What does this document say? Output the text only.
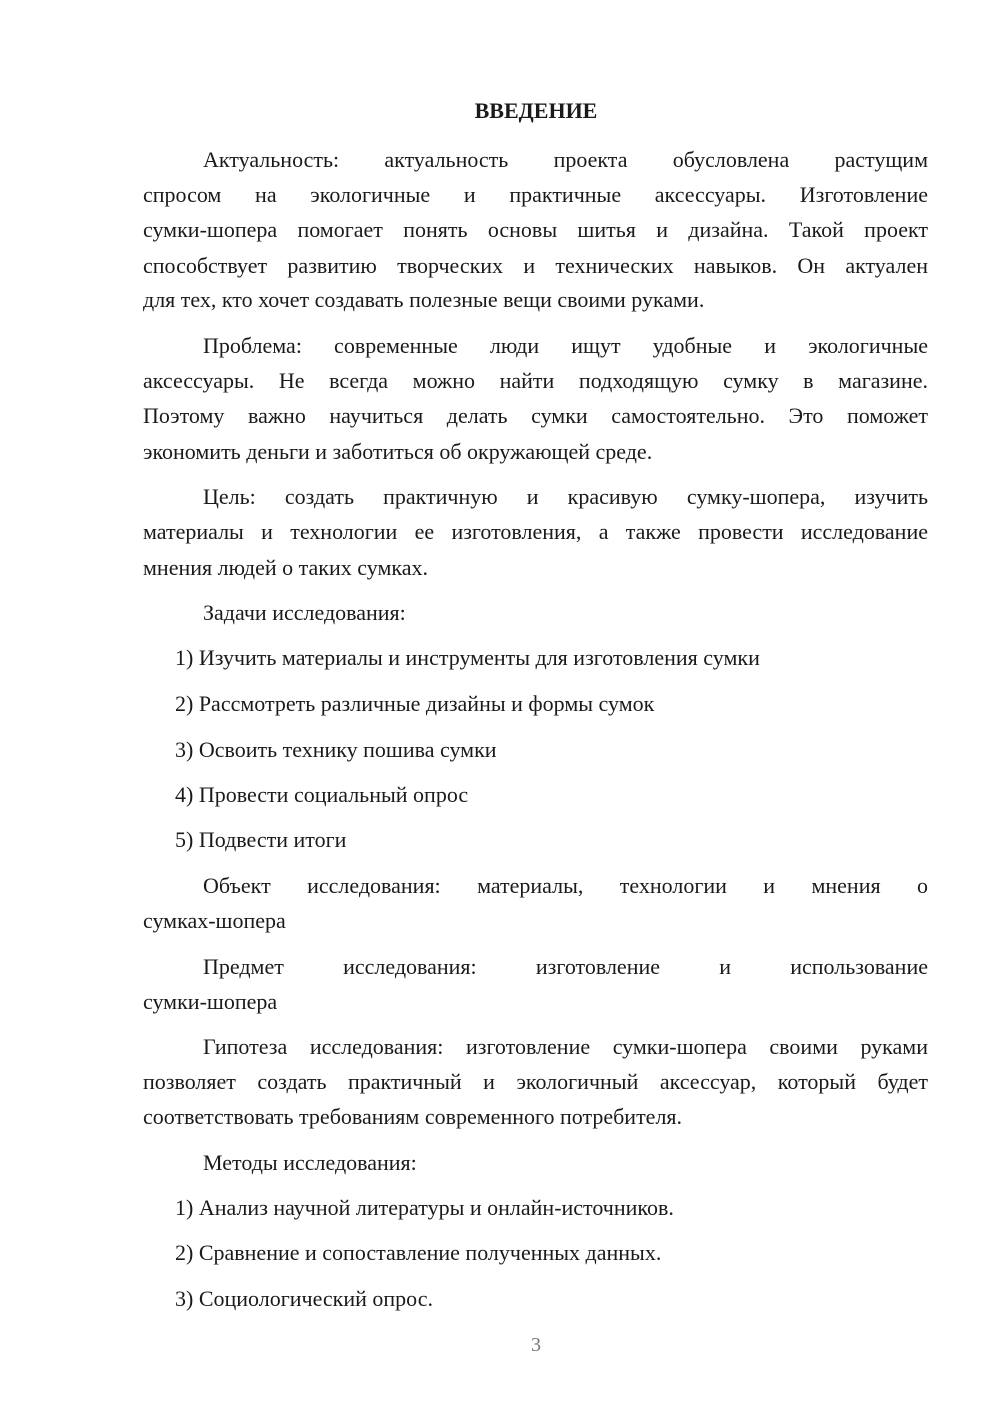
ВВЕДЕНИЕ
Актуальность: актуальность проекта обусловлена растущим
спросом на экологичные и практичные аксессуары. Изготовление
сумки-шопера помогает понять основы шитья и дизайна. Такой проект
способствует развитию творческих и технических навыков. Он актуален
для тех, кто хочет создавать полезные вещи своими руками.
Проблема: современные люди ищут удобные и экологичные
аксессуары. Не всегда можно найти подходящую сумку в магазине.
Поэтому важно научиться делать сумки самостоятельно. Это поможет
экономить деньги и заботиться об окружающей среде.
Цель: создать практичную и красивую сумку-шопера, изучить
материалы и технологии ее изготовления, а также провести исследование
мнения людей о таких сумках.
Задачи исследования:
1) Изучить материалы и инструменты для изготовления сумки
2) Рассмотреть различные дизайны и формы сумок
3) Освоить технику пошива сумки
4) Провести социальный опрос
5) Подвести итоги
Объект исследования: материалы, технологии и мнения о
сумках-шопера
Предмет исследования: изготовление и использование
сумки-шопера
Гипотеза исследования: изготовление сумки-шопера своими руками
позволяет создать практичный и экологичный аксессуар, который будет
соответствовать требованиям современного потребителя.
Методы исследования:
1) Анализ научной литературы и онлайн-источников.
2) Сравнение и сопоставление полученных данных.
3) Социологический опрос.
3
